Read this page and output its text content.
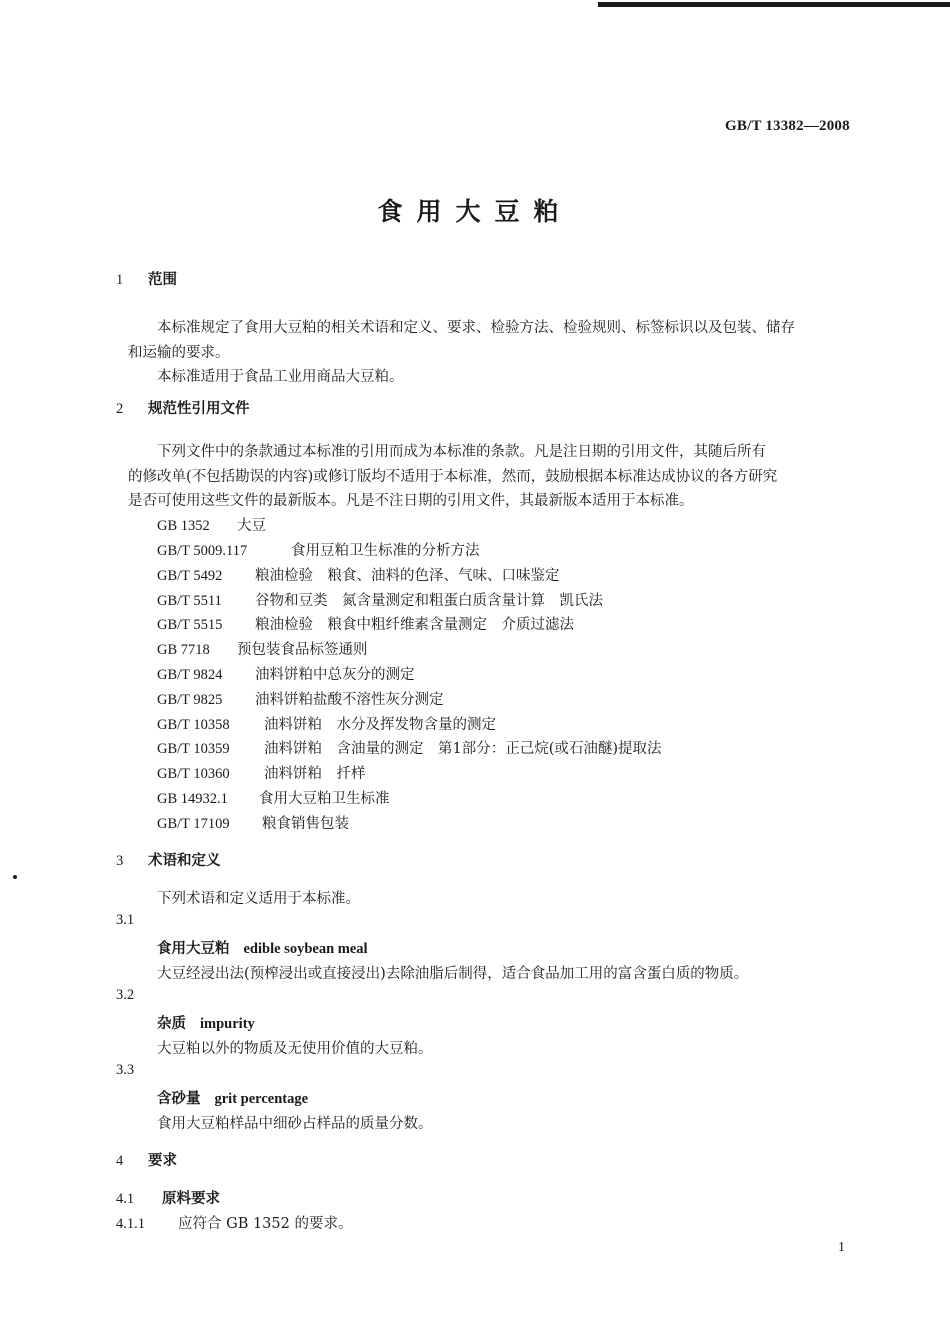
GB/T 13382—2008
食用大豆粕
1 范围
本标准规定了食用大豆粕的相关术语和定义、要求、检验方法、检验规则、标签标识以及包装、储存
和运输的要求。
本标准适用于食品工业用商品大豆粕。
2 规范性引用文件
下列文件中的条款通过本标准的引用而成为本标准的条款。凡是注日期的引用文件，其随后所有
的修改单(不包括勘误的内容)或修订版均不适用于本标准，然而，鼓励根据本标准达成协议的各方研究
是否可使用这些文件的最新版本。凡是不注日期的引用文件，其最新版本适用于本标准。
GB 1352 大豆
GB/T 5009.117	食用豆粕卫生标准的分析方法
GB/T 5492 粮油检验　粮食、油料的色泽、气味、口味鉴定
GB/T 5511 谷物和豆类　氮含量测定和粗蛋白质含量计算　凯氏法
GB/T 5515 粮油检验　粮食中粗纤维素含量测定　介质过滤法
GB 7718 预包装食品标签通则
GB/T 9824 油料饼粕中总灰分的测定
GB/T 9825 油料饼粕盐酸不溶性灰分测定
GB/T 10358 油料饼粕　水分及挥发物含量的测定
GB/T 10359 油料饼粕　含油量的测定　第1部分：正己烷(或石油醚)提取法
GB/T 10360 油料饼粕　扦样
GB 14932.1 食用大豆粕卫生标准
GB/T 17109 粮食销售包装
3 术语和定义
下列术语和定义适用于本标准。
3.1
食用大豆粕 edible soybean meal
大豆经浸出法(预榨浸出或直接浸出)去除油脂后制得，适合食品加工用的富含蛋白质的物质。
3.2
杂质 impurity
大豆粕以外的物质及无使用价值的大豆粕。
3.3
含砂量 grit percentage
食用大豆粕样品中细砂占样品的质量分数。
4 要求
4.1 原料要求
4.1.1 应符合 GB 1352 的要求。
1
